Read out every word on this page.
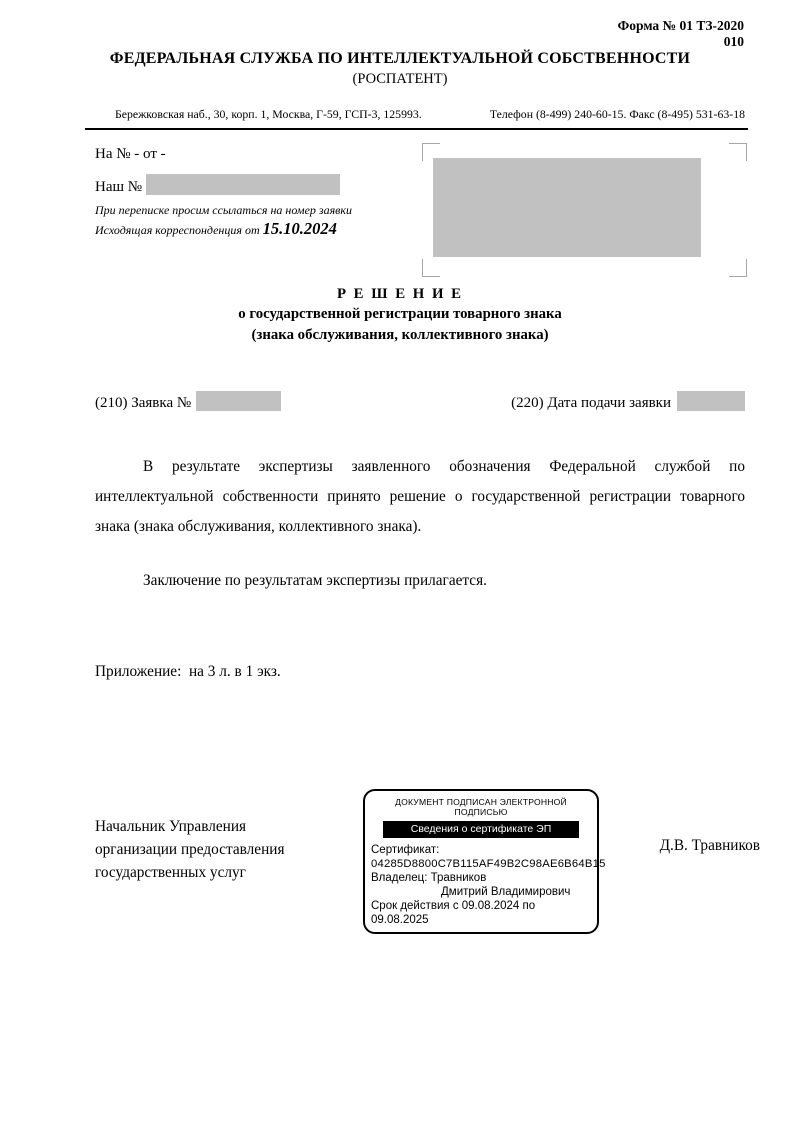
Форма № 01 ТЗ-2020
010
ФЕДЕРАЛЬНАЯ СЛУЖБА ПО ИНТЕЛЛЕКТУАЛЬНОЙ СОБСТВЕННОСТИ
(РОСПАТЕНТ)
Бережковская наб., 30, корп. 1, Москва, Г-59, ГСП-3, 125993.	Телефон (8-499) 240-60-15. Факс (8-495) 531-63-18
На № - от -
Наш №
При переписке просим ссылаться на номер заявки
Исходящая корреспонденция от 15.10.2024
Р Е Ш Е Н И Е
о государственной регистрации товарного знака
(знака обслуживания, коллективного знака)
(210) Заявка №	(220) Дата подачи заявки
В результате экспертизы заявленного обозначения Федеральной службой по интеллектуальной собственности принято решение о государственной регистрации товарного знака (знака обслуживания, коллективного знака).
Заключение по результатам экспертизы прилагается.
Приложение:  на 3 л. в 1 экз.
Начальник Управления
организации предоставления
государственных услуг
ДОКУМЕНТ ПОДПИСАН ЭЛЕКТРОННОЙ ПОДПИСЬЮ
Сведения о сертификате ЭП
Сертификат:
04285D8800C7B115AF49B2C98AE6B64B15
Владелец: Травников
Дмитрий Владимирович
Срок действия с 09.08.2024 по 09.08.2025
Д.В. Травников
